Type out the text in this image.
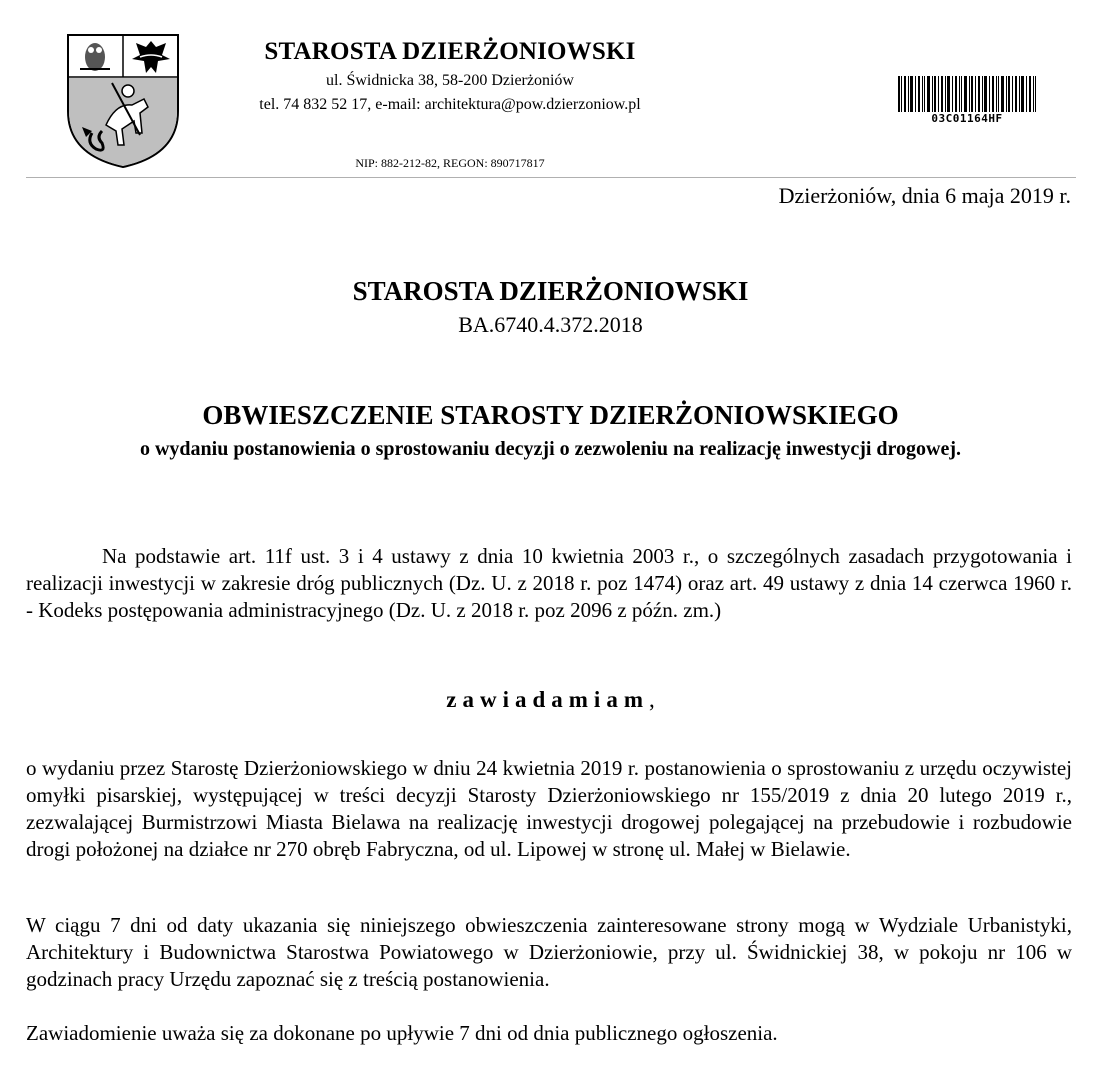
STAROSTA DZIERŻONIOWSKI
ul. Świdnicka 38, 58-200 Dzierżoniów
tel. 74 832 52 17, e-mail: architektura@pow.dzierzoniow.pl
NIP: 882-212-82, REGON: 890717817
03C01164HF
Dzierżoniów, dnia 6 maja 2019 r.
STAROSTA DZIERŻONIOWSKI
BA.6740.4.372.2018
OBWIESZCZENIE STAROSTY DZIERŻONIOWSKIEGO
o wydaniu postanowienia o sprostowaniu decyzji o zezwoleniu na realizację inwestycji drogowej.
Na podstawie art. 11f ust. 3 i 4 ustawy z dnia 10 kwietnia 2003 r., o szczególnych zasadach przygotowania i realizacji inwestycji w zakresie dróg publicznych (Dz. U. z 2018 r. poz 1474) oraz art. 49 ustawy z dnia 14 czerwca 1960 r. - Kodeks postępowania administracyjnego (Dz. U. z 2018 r. poz 2096 z późn. zm.)
zawiadamiam,
o wydaniu przez Starostę Dzierżoniowskiego w dniu 24 kwietnia 2019 r. postanowienia o sprostowaniu z urzędu oczywistej omyłki pisarskiej, występującej w treści decyzji Starosty Dzierżoniowskiego nr 155/2019 z dnia 20 lutego 2019 r., zezwalającej Burmistrzowi Miasta Bielawa na realizację inwestycji drogowej polegającej na przebudowie i rozbudowie drogi położonej na działce nr 270 obręb Fabryczna, od ul. Lipowej w stronę ul. Małej w Bielawie.
W ciągu 7 dni od daty ukazania się niniejszego obwieszczenia zainteresowane strony mogą w Wydziale Urbanistyki, Architektury i Budownictwa Starostwa Powiatowego w Dzierżoniowie, przy ul. Świdnickiej 38, w pokoju nr 106 w godzinach pracy Urzędu zapoznać się z treścią postanowienia.
Zawiadomienie uważa się za dokonane po upływie 7 dni od dnia publicznego ogłoszenia.
